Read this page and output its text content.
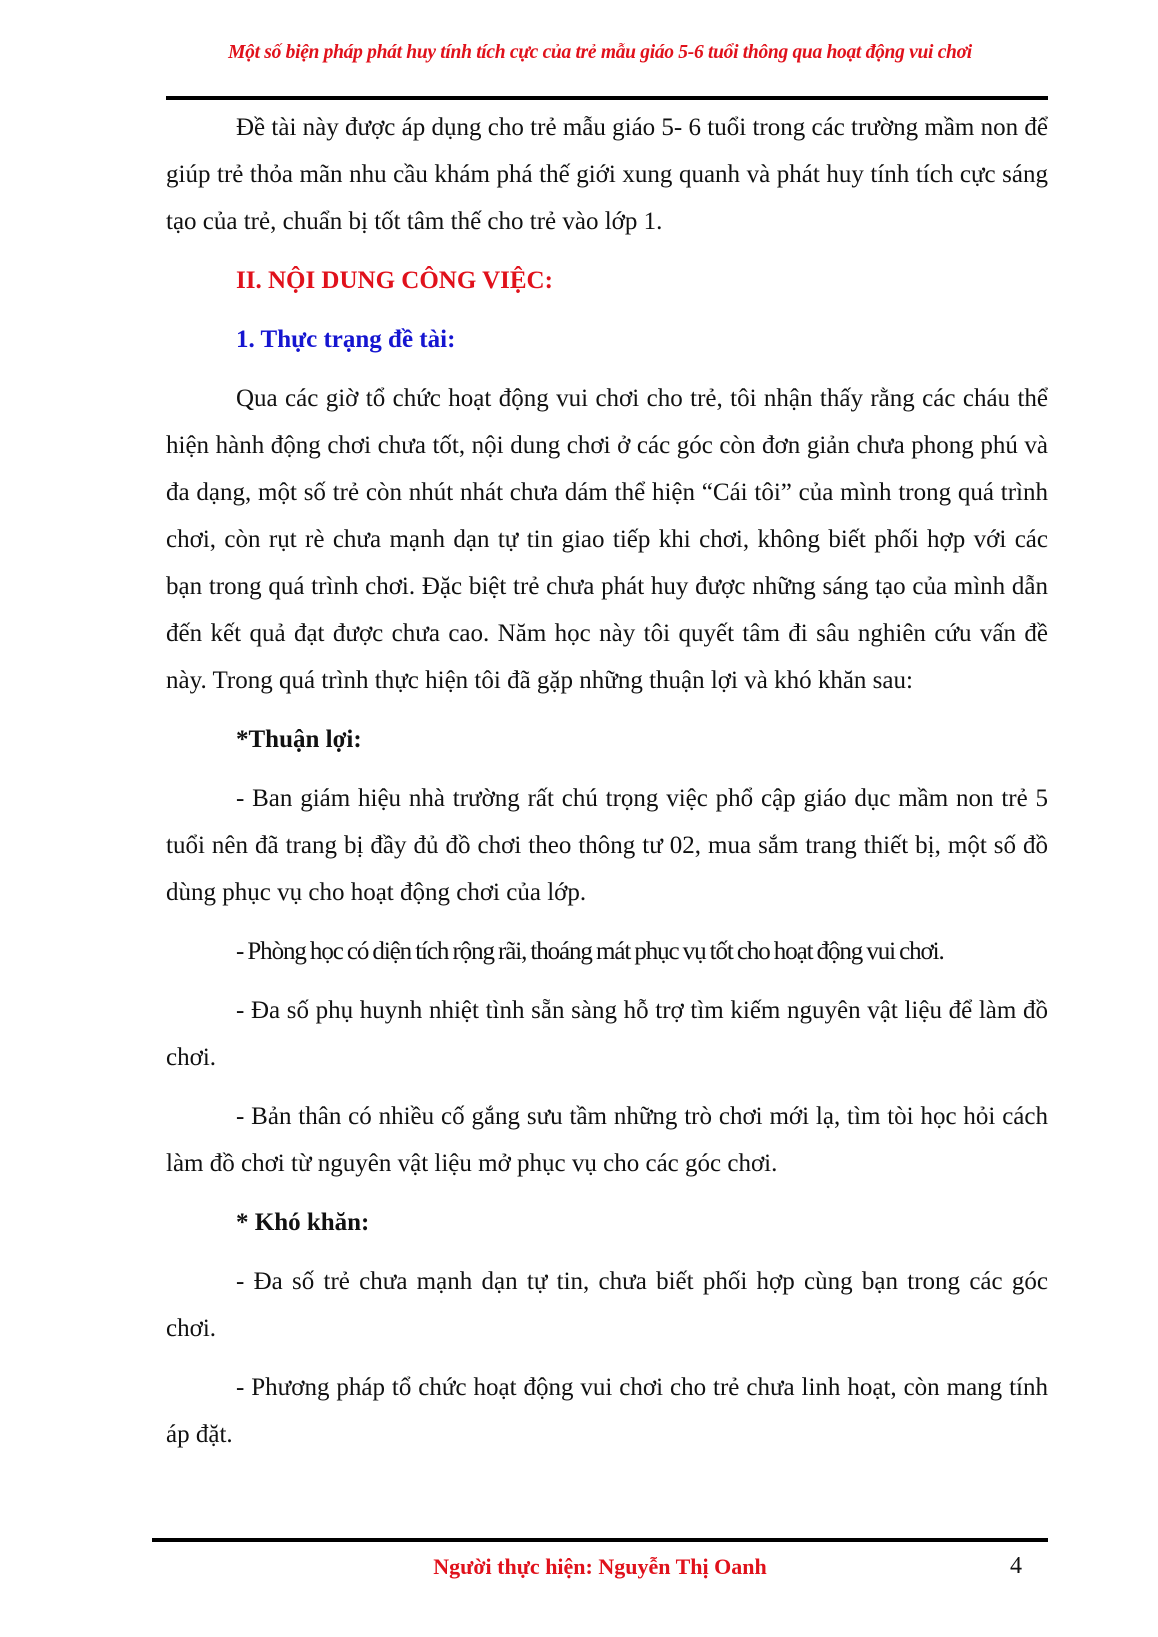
Một số biện pháp phát huy tính tích cực của trẻ mẫu giáo 5-6 tuổi thông qua hoạt động vui chơi

Đề tài này được áp dụng cho trẻ mẫu giáo 5- 6 tuổi trong các trường mầm non để giúp trẻ thỏa mãn nhu cầu khám phá thế giới xung quanh và phát huy tính tích cực sáng tạo của trẻ, chuẩn bị tốt tâm thế cho trẻ vào lớp 1.

II. NỘI DUNG CÔNG VIỆC:

1. Thực trạng đề tài:

Qua các giờ tổ chức hoạt động vui chơi cho trẻ, tôi nhận thấy rằng các cháu thể hiện hành động chơi chưa tốt, nội dung chơi ở các góc còn đơn giản chưa phong phú và đa dạng, một số trẻ còn nhút nhát chưa dám thể hiện “Cái tôi” của mình trong quá trình chơi, còn rụt rè chưa mạnh dạn tự tin giao tiếp khi chơi, không biết phối hợp với các bạn trong quá trình chơi. Đặc biệt trẻ chưa phát huy được những sáng tạo của mình dẫn đến kết quả đạt được chưa cao. Năm học này tôi quyết tâm đi sâu nghiên cứu vấn đề này. Trong quá trình thực hiện tôi đã gặp những thuận lợi và khó khăn sau:

*Thuận lợi:

- Ban giám hiệu nhà trường rất chú trọng việc phổ cập giáo dục mầm non trẻ 5 tuổi nên đã trang bị đầy đủ đồ chơi theo thông tư 02, mua sắm trang thiết bị, một số đồ dùng phục vụ cho hoạt động chơi của lớp.

- Phòng học có diện tích rộng rãi, thoáng mát phục vụ tốt cho hoạt động vui chơi.

- Đa số phụ huynh nhiệt tình sẵn sàng hỗ trợ tìm kiếm nguyên vật liệu để làm đồ chơi.

- Bản thân có nhiều cố gắng sưu tầm những trò chơi mới lạ, tìm tòi học hỏi cách làm đồ chơi từ nguyên vật liệu mở phục vụ cho các góc chơi.

* Khó khăn:

- Đa số trẻ chưa mạnh dạn tự tin, chưa biết phối hợp cùng bạn trong các góc chơi.

- Phương pháp tổ chức hoạt động vui chơi cho trẻ chưa linh hoạt, còn mang tính áp đặt.

Người thực hiện: Nguyễn Thị Oanh	4
